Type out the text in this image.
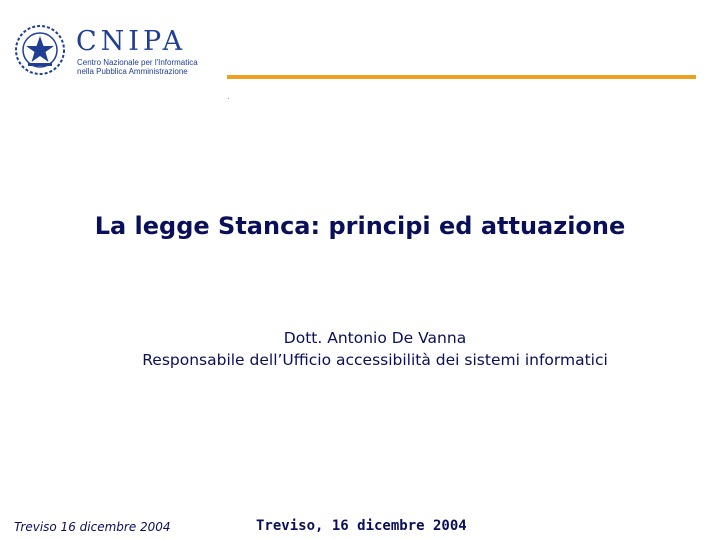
CNIPA
Centro Nazionale per l'Informatica
nella Pubblica Amministrazione
La legge Stanca: principi ed attuazione
Dott. Antonio De Vanna
Responsabile dell’Ufficio accessibilità dei sistemi informatici
Treviso 16 dicembre 2004	Treviso, 16 dicembre 2004
